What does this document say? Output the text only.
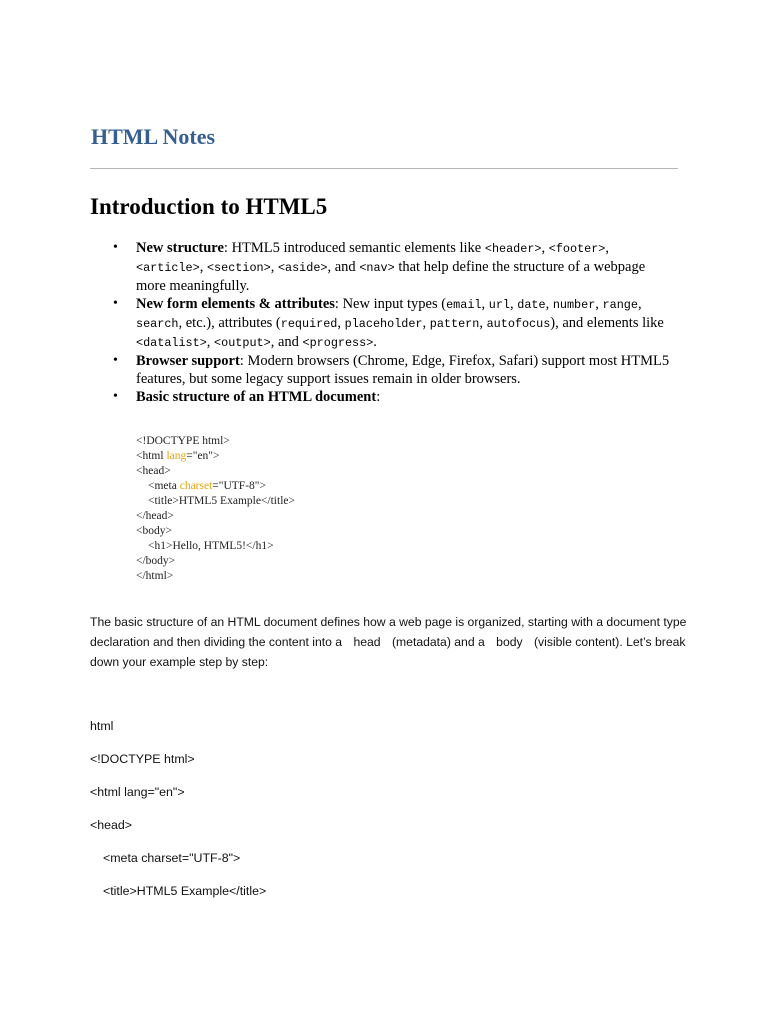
HTML Notes
Introduction to HTML5
• New structure: HTML5 introduced semantic elements like <header>, <footer>, <article>, <section>, <aside>, and <nav> that help define the structure of a webpage more meaningfully.
• New form elements & attributes: New input types (email, url, date, number, range, search, etc.), attributes (required, placeholder, pattern, autofocus), and elements like <datalist>, <output>, and <progress>.
• Browser support: Modern browsers (Chrome, Edge, Firefox, Safari) support most HTML5 features, but some legacy support issues remain in older browsers.
• Basic structure of an HTML document:
<!DOCTYPE html>
<html lang="en">
<head>
<meta charset="UTF-8">
<title>HTML5 Example</title>
</head>
<body>
<h1>Hello, HTML5!</h1>
</body>
</html>

The basic structure of an HTML document defines how a web page is organized, starting with a document type declaration and then dividing the content into a head (metadata) and a body (visible content). Let’s break down your example step by step:

html

<!DOCTYPE html>

<html lang="en">

<head>

<meta charset="UTF-8">

<title>HTML5 Example</title>
